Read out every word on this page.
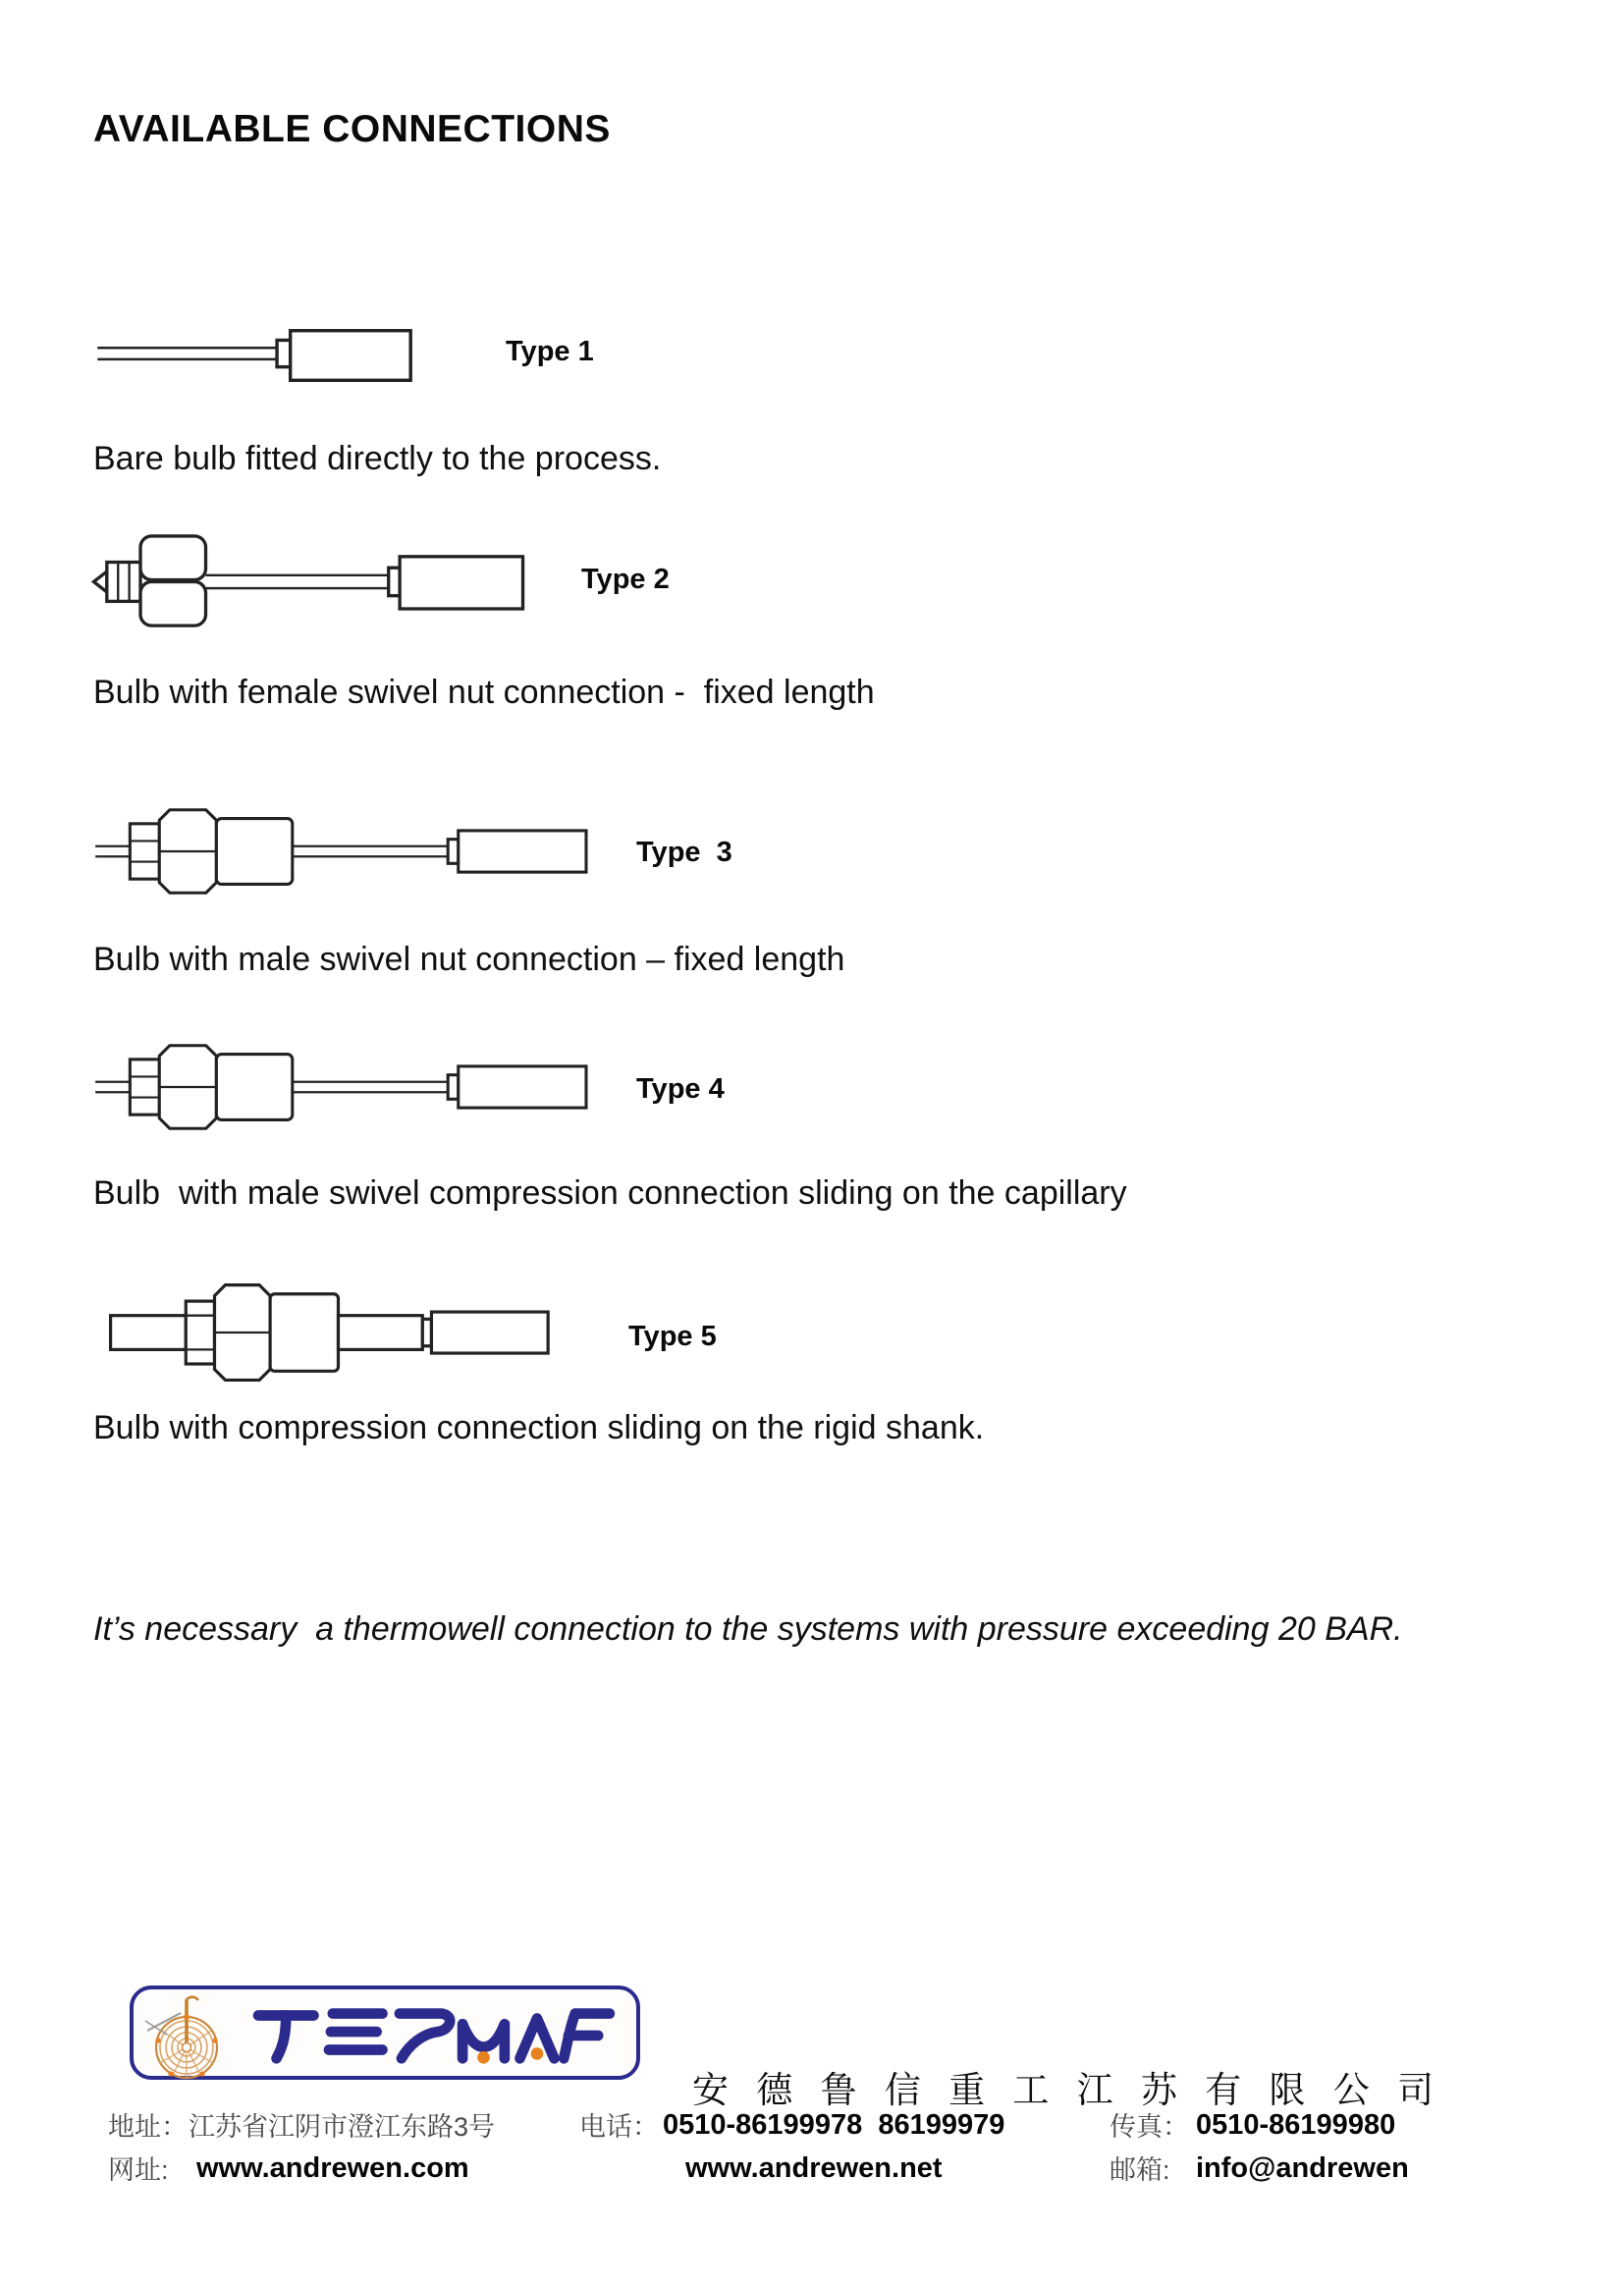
AVAILABLE CONNECTIONS
Type 1
Bare bulb fitted directly to the process.
Type 2
Bulb with female swivel nut connection -  fixed length
Type  3
Bulb with male swivel nut connection – fixed length
Type 4
Bulb  with male swivel compression connection sliding on the capillary
Type 5
Bulb with compression connection sliding on the rigid shank.
It’s necessary  a thermowell connection to the systems with pressure exceeding 20 BAR.
安 德 鲁 信 重 工 江 苏 有 限 公 司
地址： 江苏省江阴市澄江东路3号	电话： 0510-86199978  86199979	传真： 0510-86199980
网址: www.andrewen.com	www.andrewen.net	邮箱: info@andrewen
